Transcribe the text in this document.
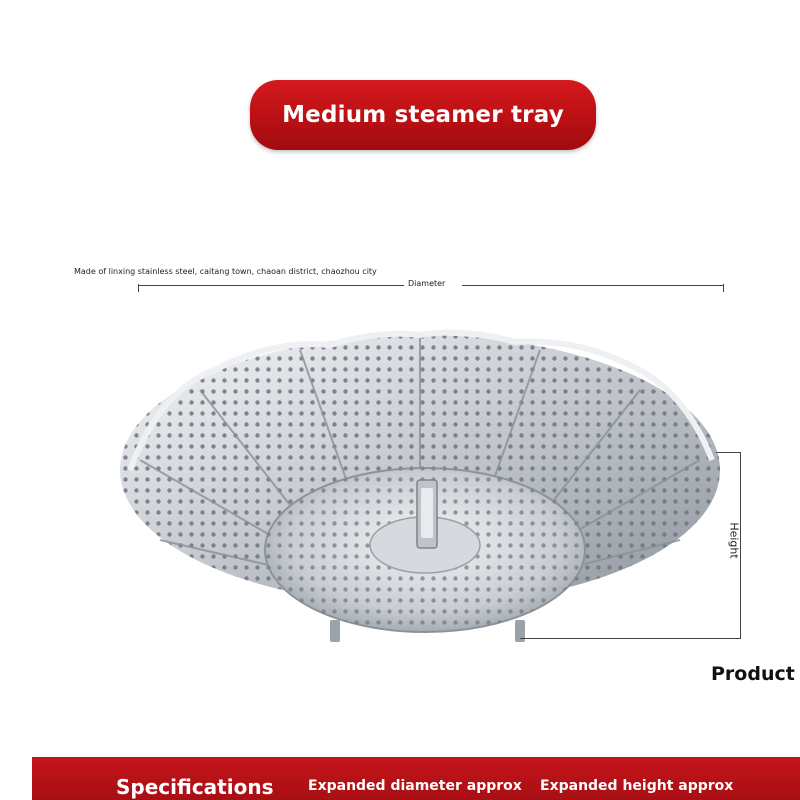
Medium steamer tray
Made of linxing stainless steel, caitang town, chaoan district, chaozhou city
Diameter
Height
Product
Specifications Expanded diameter approx Expanded height approx
